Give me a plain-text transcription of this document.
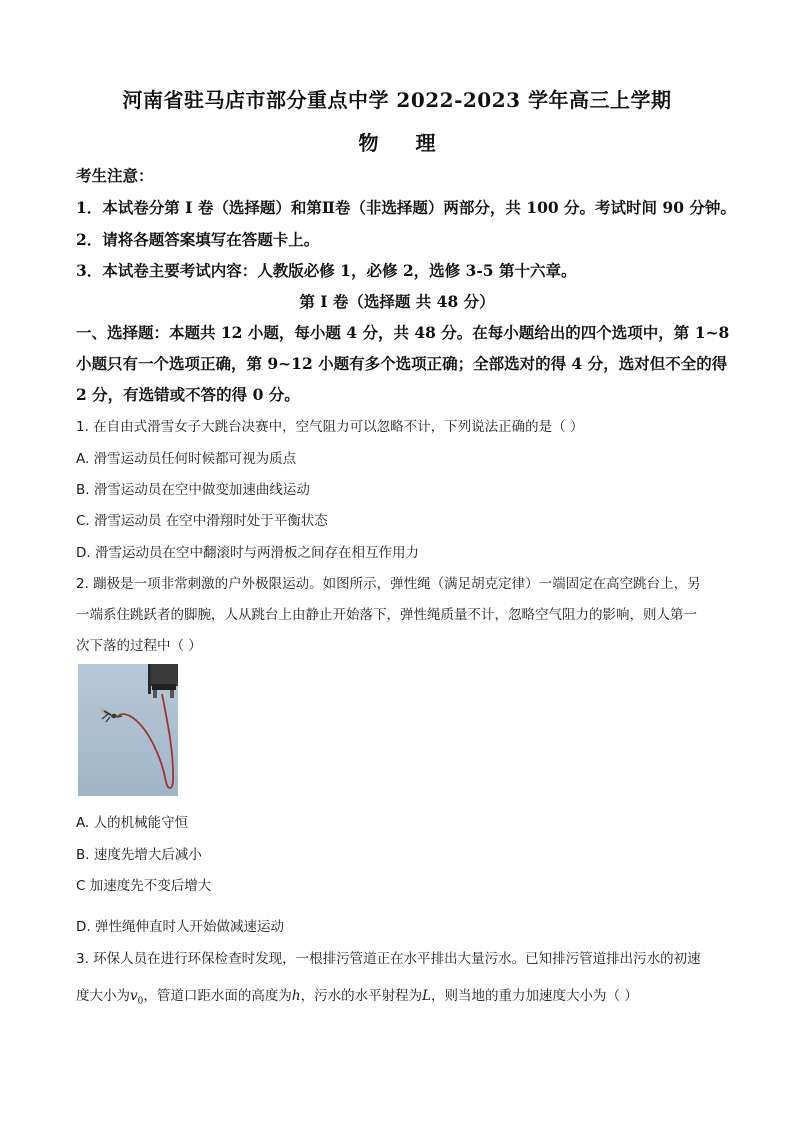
河南省驻马店市部分重点中学 2022-2023 学年高三上学期
物 理
考生注意：
1．本试卷分第 I 卷（选择题）和第Ⅱ卷（非选择题）两部分，共 100 分。考试时间 90 分钟。
2．请将各题答案填写在答题卡上。
3．本试卷主要考试内容：人教版必修 1，必修 2，选修 3-5 第十六章。
第 I 卷（选择题 共 48 分）
一、选择题：本题共 12 小题，每小题 4 分，共 48 分。在每小题给出的四个选项中，第 1~8
小题只有一个选项正确，第 9~12 小题有多个选项正确；全部选对的得 4 分，选对但不全的得
2 分，有选错或不答的得 0 分。
1. 在自由式滑雪女子大跳台决赛中，空气阻力可以忽略不计，下列说法正确的是（ ）
A. 滑雪运动员任何时候都可视为质点
B. 滑雪运动员在空中做变加速曲线运动
C. 滑雪运动员 在空中滑翔时处于平衡状态
D. 滑雪运动员在空中翻滚时与两滑板之间存在相互作用力
2. 蹦极是一项非常刺激的户外极限运动。如图所示，弹性绳（满足胡克定律）一端固定在高空跳台上，另
一端系住跳跃者的脚腕，人从跳台上由静止开始落下，弹性绳质量不计，忽略空气阻力的影响，则人第一
次下落的过程中（ ）
A. 人的机械能守恒
B. 速度先增大后减小
C 加速度先不变后增大
D. 弹性绳伸直时人开始做减速运动
3. 环保人员在进行环保检查时发现，一根排污管道正在水平排出大量污水。已知排污管道排出污水的初速
度大小为$v_0$，管道口距水面的高度为h，污水的水平射程为L，则当地的重力加速度大小为（ ）
